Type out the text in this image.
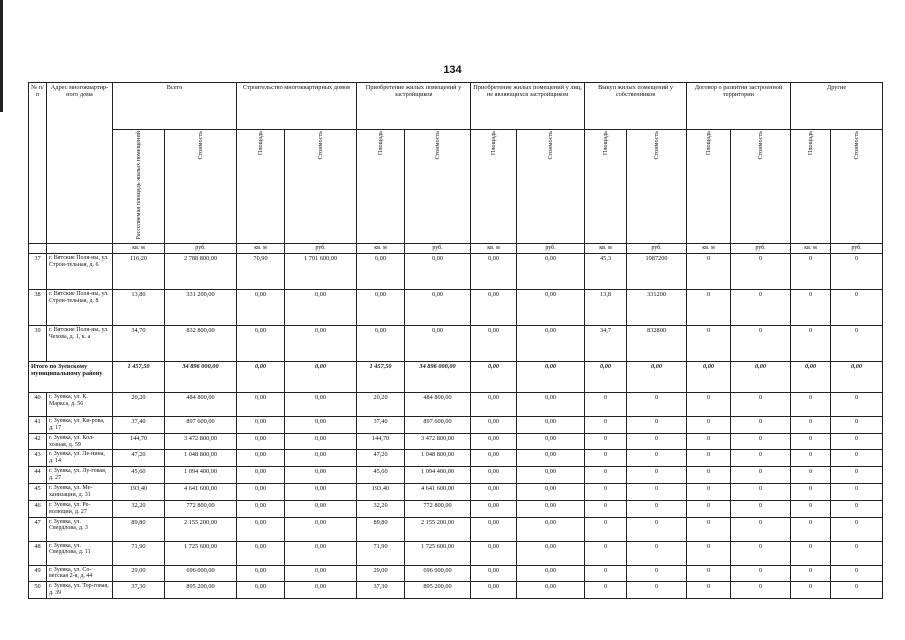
134
№ п/п	Адрес многоквартир-ного дома	Всего		Строительство многоквартирных домов		Приобретение жилых помещений у застройщиков		Приобретение жилых помещений у лиц, не являющихся застройщиком		Выкуп жилых помещений у собственников		Договор о развитии застроенной территории		Другие	
		Расселяемая площадь жилых помещений	Стоимость	Площадь	Стоимость	Площадь	Стоимость	Площадь	Стоимость	Площадь	Стоимость	Площадь	Стоимость	Площадь	Стоимость
		кв. м	руб.	кв. м	руб.	кв. м	руб.	кв. м	руб.	кв. м	руб.	кв. м	руб.	кв. м	руб.
37	г. Вятские Поля-ны, ул. Строи-тельная, д. 6	116,20	2 788 800,00	70,90	1 701 600,00	0,00	0,00	0,00	0,00	45,3	1087200	0	0	0	0
38	г. Вятские Поля-ны, ул. Строи-тельная, д. 8	13,80	331 200,00	0,00	0,00	0,00	0,00	0,00	0,00	13,8	331200	0	0	0	0
39	г. Вятские Поля-ны, ул. Чехова, д. 1, к. а	34,70	832 800,00	0,00	0,00	0,00	0,00	0,00	0,00	34,7	832800	0	0	0	0
Итого по Зуевскому муниципальному району		1 457,50	34 896 000,00	0,00	0,00	1 457,50	34 896 000,00	0,00	0,00	0,00	0,00	0,00	0,00	0,00	0,00
40	г. Зуевка, ул. К. Маркса, д. 56	20,20	484 800,00	0,00	0,00	20,20	484 800,00	0,00	0,00	0	0	0	0	0	0
41	г. Зуевка, ул. Ки-рова, д. 17	37,40	897 600,00	0,00	0,00	37,40	897 600,00	0,00	0,00	0	0	0	0	0	0
42	г. Зуевка, ул. Кол-хозная, д. 59	144,70	3 472 800,00	0,00	0,00	144,70	3 472 800,00	0,00	0,00	0	0	0	0	0	0
43	г. Зуевка, ул. Ле-нина, д. 14	47,20	1 048 800,00	0,00	0,00	47,20	1 048 800,00	0,00	0,00	0	0	0	0	0	0
44	г. Зуевка, ул. Лу-говая, д. 27	45,60	1 094 400,00	0,00	0,00	45,60	1 094 400,00	0,00	0,00	0	0	0	0	0	0
45	г. Зуевка, ул. Ме-ханизации, д. 31	193,40	4 641 600,00	0,00	0,00	193,40	4 641 600,00	0,00	0,00	0	0	0	0	0	0
46	г. Зуевка, ул. Ре-волюции, д. 27	32,20	772 800,00	0,00	0,00	32,20	772 800,00	0,00	0,00	0	0	0	0	0	0
47	г. Зуевка, ул. Свердлова, д. 3	89,80	2 155 200,00	0,00	0,00	89,80	2 155 200,00	0,00	0,00	0	0	0	0	0	0
48	г. Зуевка, ул. Свердлова, д. 11	71,90	1 725 600,00	0,00	0,00	71,90	1 725 600,00	0,00	0,00	0	0	0	0	0	0
49	г. Зуевка, ул. Со-ветская 2-я, д. 44	29,00	696 000,00	0,00	0,00	29,00	696 000,00	0,00	0,00	0	0	0	0	0	0
50	г. Зуевка, ул. Тор-говая, д. 39	37,30	895 200,00	0,00	0,00	37,30	895 200,00	0,00	0,00	0	0	0	0	0	0
